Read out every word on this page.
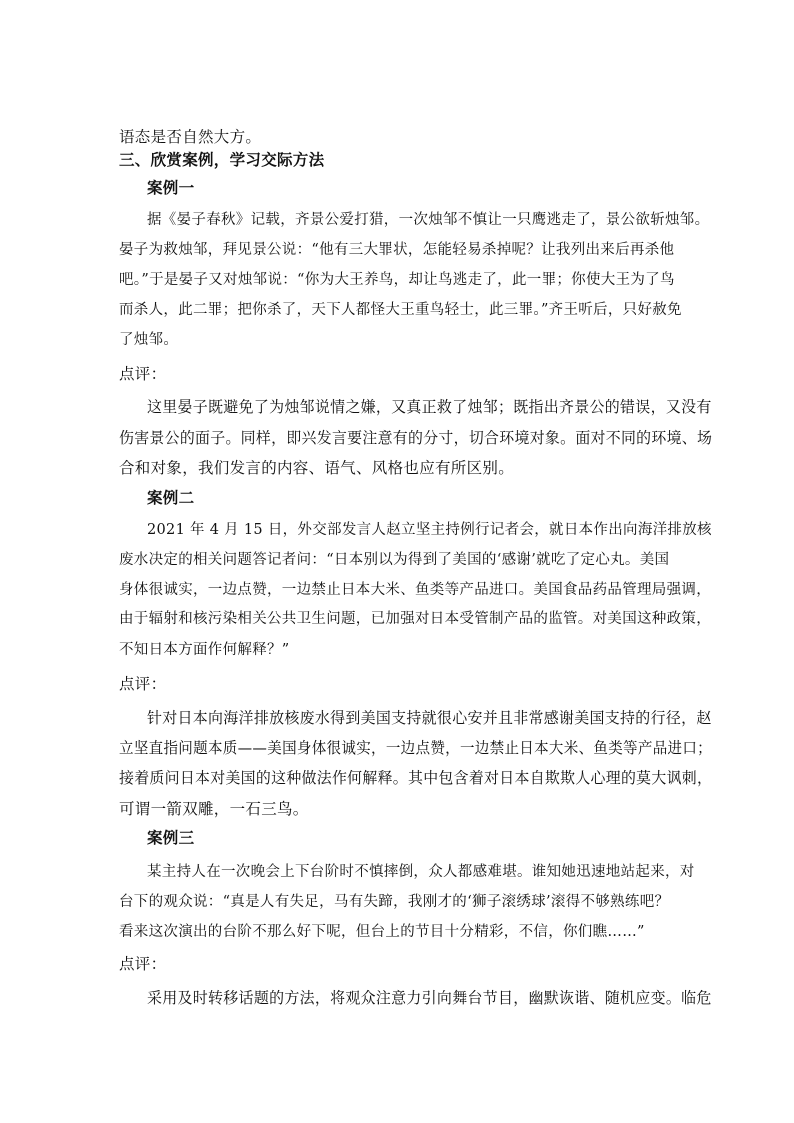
语态是否自然大方。
三、欣赏案例，学习交际方法
案例一
据《晏子春秋》记载，齐景公爱打猎，一次烛邹不慎让一只鹰逃走了，景公欲斩烛邹。
晏子为救烛邹，拜见景公说：“他有三大罪状，怎能轻易杀掉呢？让我列出来后再杀他
吧。”于是晏子又对烛邹说：“你为大王养鸟，却让鸟逃走了，此一罪；你使大王为了鸟
而杀人，此二罪；把你杀了，天下人都怪大王重鸟轻士，此三罪。”齐王听后，只好赦免
了烛邹。
点评：
这里晏子既避免了为烛邹说情之嫌，又真正救了烛邹；既指出齐景公的错误，又没有
伤害景公的面子。同样，即兴发言要注意有的分寸，切合环境对象。面对不同的环境、场
合和对象，我们发言的内容、语气、风格也应有所区别。
案例二
2021 年 4 月 15 日，外交部发言人赵立坚主持例行记者会，就日本作出向海洋排放核
废水决定的相关问题答记者问：“日本别以为得到了美国的‘感谢’就吃了定心丸。美国
身体很诚实，一边点赞，一边禁止日本大米、鱼类等产品进口。美国食品药品管理局强调，
由于辐射和核污染相关公共卫生问题，已加强对日本受管制产品的监管。对美国这种政策，
不知日本方面作何解释？”
点评：
针对日本向海洋排放核废水得到美国支持就很心安并且非常感谢美国支持的行径，赵
立坚直指问题本质——美国身体很诚实，一边点赞，一边禁止日本大米、鱼类等产品进口；
接着质问日本对美国的这种做法作何解释。其中包含着对日本自欺欺人心理的莫大讽刺，
可谓一箭双雕，一石三鸟。
案例三
某主持人在一次晚会上下台阶时不慎摔倒，众人都感难堪。谁知她迅速地站起来，对
台下的观众说：“真是人有失足，马有失蹄，我刚才的‘狮子滚绣球’滚得不够熟练吧？
看来这次演出的台阶不那么好下呢，但台上的节目十分精彩，不信，你们瞧……”
点评：
采用及时转移话题的方法，将观众注意力引向舞台节目，幽默诙谐、随机应变。临危
